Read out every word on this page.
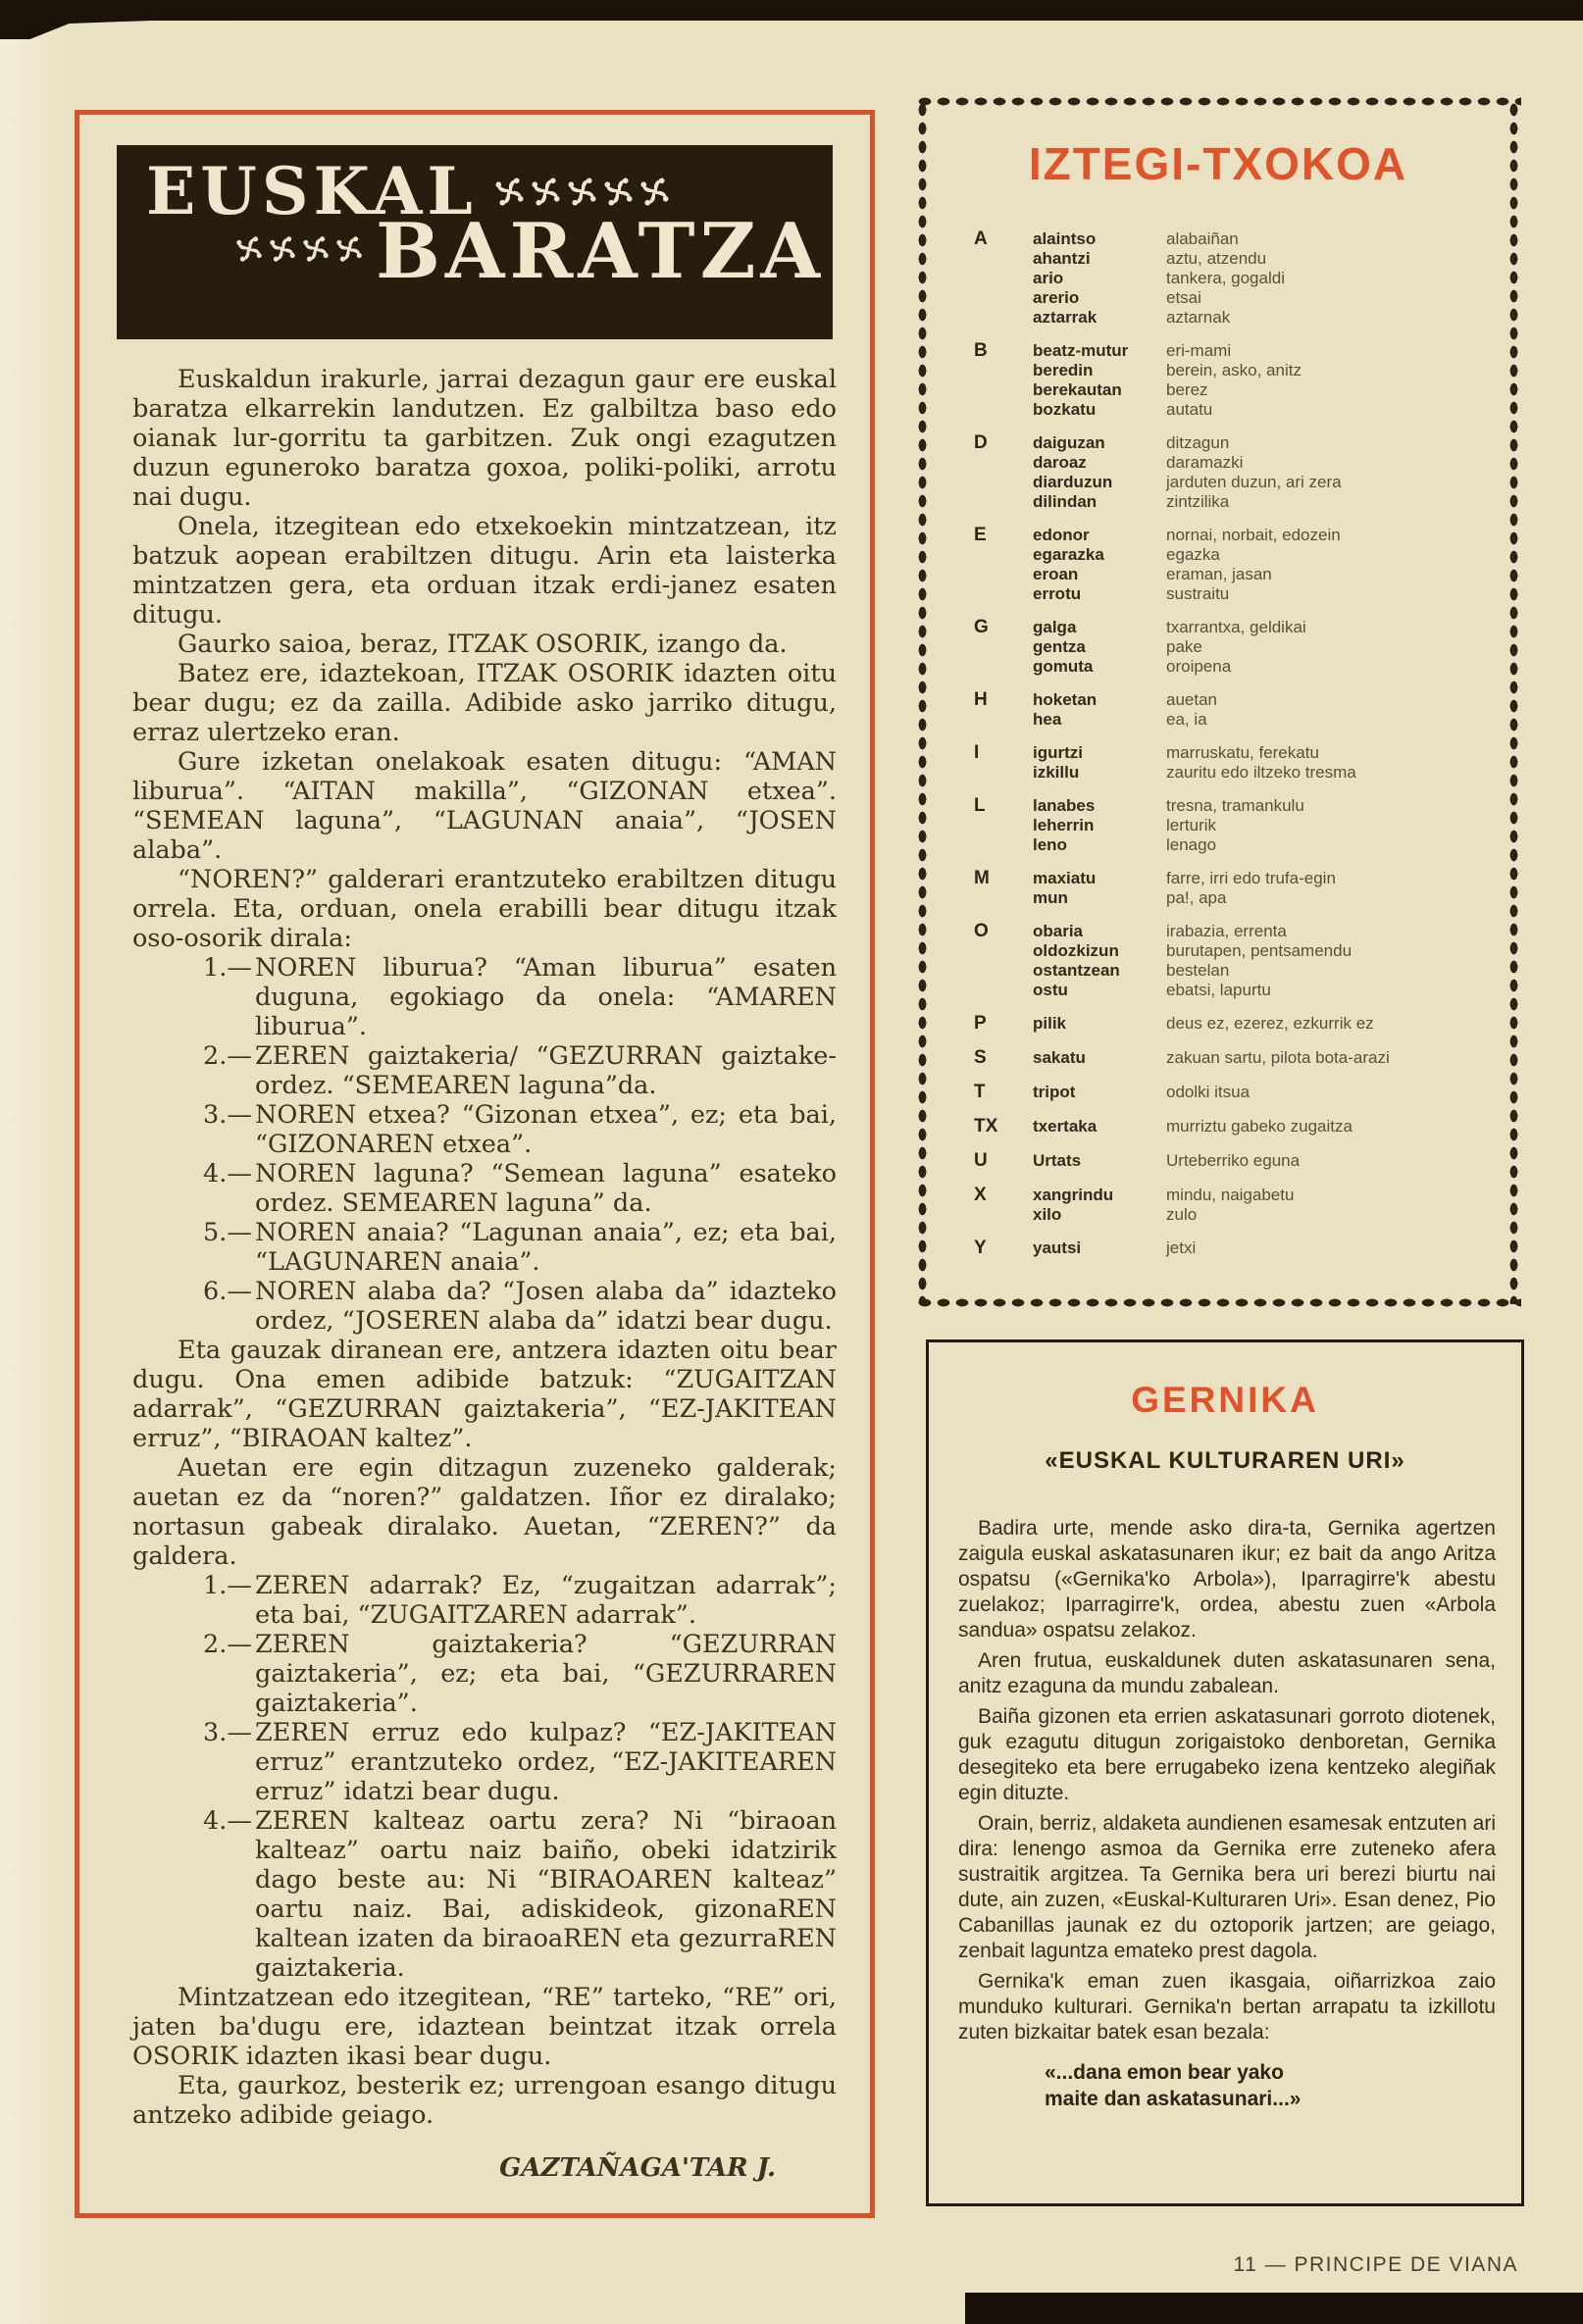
EUSKAL
BARATZA

Euskaldun irakurle, jarrai dezagun gaur ere euskal baratza elkarrekin landutzen. Ez galbiltza baso edo oianak lur-gorritu ta garbitzen. Zuk ongi ezagutzen duzun eguneroko baratza goxoa, poliki-poliki, arrotu nai dugu.

Onela, itzegitean edo etxekoekin mintzatzean, itz batzuk aopean erabiltzen ditugu. Arin eta laisterka mintzatzen gera, eta orduan itzak erdi-janez esaten ditugu.

Gaurko saioa, beraz, ITZAK OSORIK, izango da.

Batez ere, idaztekoan, ITZAK OSORIK idazten oitu bear dugu; ez da zailla. Adibide asko jarriko ditugu, erraz ulertzeko eran.

Gure izketan onelakoak esaten ditugu: “AMAN liburua”. “AITAN makilla”, “GIZONAN etxea”. “SEMEAN laguna”, “LAGUNAN anaia”, “JOSEN alaba”.

“NOREN?” galderari erantzuteko erabiltzen ditugu orrela. Eta, orduan, onela erabilli bear ditugu itzak oso-osorik dirala:

1.— NOREN liburua? “Aman liburua” esaten duguna, egokiago da onela: “AMAREN liburua”.

2.— ZEREN gaiztakeria/ “GEZURRAN gaiztake- ordez. “SEMEAREN laguna”da.

3.— NOREN etxea? “Gizonan etxea”, ez; eta bai, “GIZONAREN etxea”.

4.— NOREN laguna? “Semean laguna” esateko ordez. SEMEAREN laguna” da.

5.— NOREN anaia? “Lagunan anaia”, ez; eta bai, “LAGUNAREN anaia”.

6.— NOREN alaba da? “Josen alaba da” idazteko ordez, “JOSEREN alaba da” idatzi bear dugu.

Eta gauzak diranean ere, antzera idazten oitu bear dugu. Ona emen adibide batzuk: “ZUGAITZAN adarrak”, “GEZURRAN gaiztakeria”, “EZ-JAKITEAN erruz”, “BIRAOAN kaltez”.

Auetan ere egin ditzagun zuzeneko galderak; auetan ez da “noren?” galdatzen. Iñor ez diralako; nortasun gabeak diralako. Auetan, “ZEREN?” da galdera.

1.— ZEREN adarrak? Ez, “zugaitzan adarrak”; eta bai, “ZUGAITZAREN adarrak”.

2.— ZEREN gaiztakeria? “GEZURRAN gaiztakeria”, ez; eta bai, “GEZURRAREN gaiztakeria”.

3.— ZEREN erruz edo kulpaz? “EZ-JAKITEAN erruz” erantzuteko ordez, “EZ-JAKITEAREN erruz” idatzi bear dugu.

4.— ZEREN kalteaz oartu zera? Ni “biraoan kalteaz” oartu naiz baiño, obeki idatzirik dago beste au: Ni “BIRAOAREN kalteaz” oartu naiz. Bai, adiskideok, gizonaREN kaltean izaten da biraoaREN eta gezurraREN gaiztakeria.

Mintzatzean edo itzegitean, “RE” tarteko, “RE” ori, jaten ba'dugu ere, idaztean beintzat itzak orrela OSORIK idazten ikasi bear dugu.

Eta, gaurkoz, besterik ez; urrengoan esango ditugu antzeko adibide geiago.

GAZTAÑAGA'TAR J.
IZTEGI-TXOKOA
A	alaintso	alabaiñan
ahantzi	aztu, atzendu
ario	tankera, gogaldi
arerio	etsai
aztarrak	aztarnak
B	beatz-mutur	eri-mami
beredin	berein, asko, anitz
berekautan	berez
bozkatu	autatu
D	daiguzan	ditzagun
daroaz	daramazki
diarduzun	jarduten duzun, ari zera
dilindan	zintzilika
E	edonor	nornai, norbait, edozein
egarazka	egazka
eroan	eraman, jasan
errotu	sustraitu
G	galga	txarrantxa, geldikai
gentza	pake
gomuta	oroipena
H	hoketan	auetan
hea	ea, ia
I	igurtzi	marruskatu, ferekatu
izkillu	zauritu edo iltzeko tresma
L	lanabes	tresna, tramankulu
leherrin	lerturik
leno	lenago
M	maxiatu	farre, irri edo trufa-egin
mun	pa!, apa
O	obaria	irabazia, errenta
oldozkizun	burutapen, pentsamendu
ostantzean	bestelan
ostu	ebatsi, lapurtu
P	pilik	deus ez, ezerez, ezkurrik ez
S	sakatu	zakuan sartu, pilota bota-arazi
T	tripot	odolki itsua
TX	txertaka	murriztu gabeko zugaitza
U	Urtats	Urteberriko eguna
X	xangrindu	mindu, naigabetu
xilo	zulo
Y	yautsi	jetxi
GERNIKA
«EUSKAL KULTURAREN URI»

Badira urte, mende asko dira-ta, Gernika agertzen zaigula euskal askatasunaren ikur; ez bait da ango Aritza ospatsu («Gernika'ko Arbola»), Iparragirre'k abestu zuelakoz; Iparragirre'k, ordea, abestu zuen «Arbola sandua» ospatsu zelakoz.

Aren frutua, euskaldunek duten askatasunaren sena, anitz ezaguna da mundu zabalean.

Baiña gizonen eta errien askatasunari gorroto diotenek, guk ezagutu ditugun zorigaistoko denboretan, Gernika desegiteko eta bere errugabeko izena kentzeko alegiñak egin dituzte.

Orain, berriz, aldaketa aundienen esamesak entzuten ari dira: lenengo asmoa da Gernika erre zuteneko afera sustraitik argitzea. Ta Gernika bera uri berezi biurtu nai dute, ain zuzen, «Euskal-Kulturaren Uri». Esan denez, Pio Cabanillas jaunak ez du oztoporik jartzen; are geiago, zenbait laguntza emateko prest dagola.

Gernika'k eman zuen ikasgaia, oiñarrizkoa zaio munduko kulturari. Gernika'n bertan arrapatu ta izkillotu zuten bizkaitar batek esan bezala:

«...dana emon bear yako
maite dan askatasunari...»
11 — PRINCIPE DE VIANA
